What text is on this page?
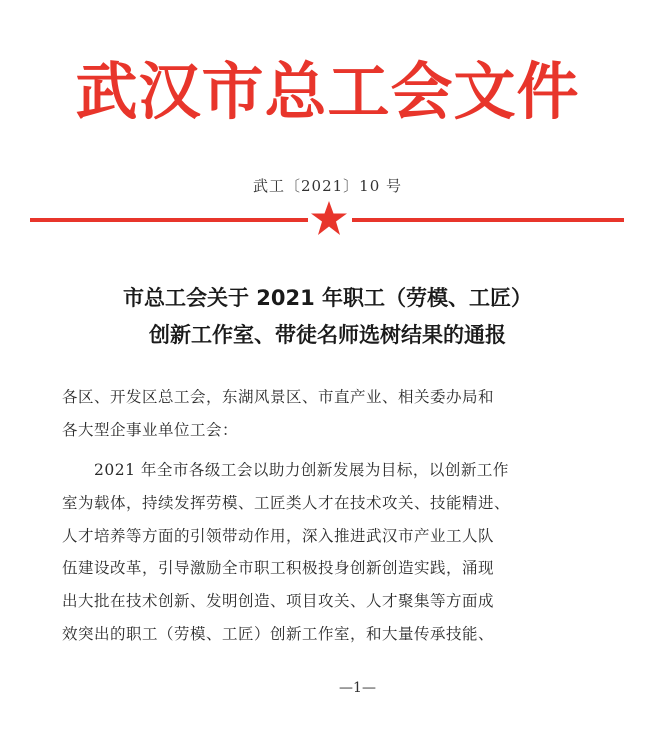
武汉市总工会文件
武工〔2021〕10 号
市总工会关于 2021 年职工（劳模、工匠）
创新工作室、带徒名师选树结果的通报
各区、开发区总工会，东湖风景区、市直产业、相关委办局和
各大型企事业单位工会：
2021 年全市各级工会以助力创新发展为目标，以创新工作
室为载体，持续发挥劳模、工匠类人才在技术攻关、技能精进、
人才培养等方面的引领带动作用，深入推进武汉市产业工人队
伍建设改革，引导激励全市职工积极投身创新创造实践，涌现
出大批在技术创新、发明创造、项目攻关、人才聚集等方面成
效突出的职工（劳模、工匠）创新工作室，和大量传承技能、
—1—
